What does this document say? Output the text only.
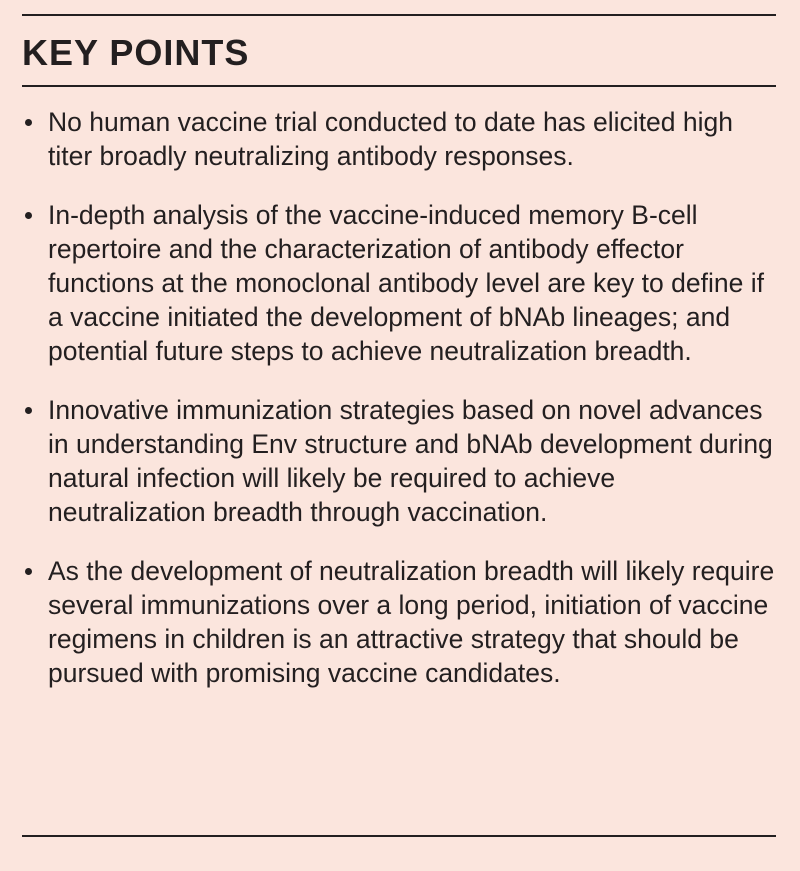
KEY POINTS
No human vaccine trial conducted to date has elicited high titer broadly neutralizing antibody responses.
In-depth analysis of the vaccine-induced memory B-cell repertoire and the characterization of antibody effector functions at the monoclonal antibody level are key to define if a vaccine initiated the development of bNAb lineages; and potential future steps to achieve neutralization breadth.
Innovative immunization strategies based on novel advances in understanding Env structure and bNAb development during natural infection will likely be required to achieve neutralization breadth through vaccination.
As the development of neutralization breadth will likely require several immunizations over a long period, initiation of vaccine regimens in children is an attractive strategy that should be pursued with promising vaccine candidates.
